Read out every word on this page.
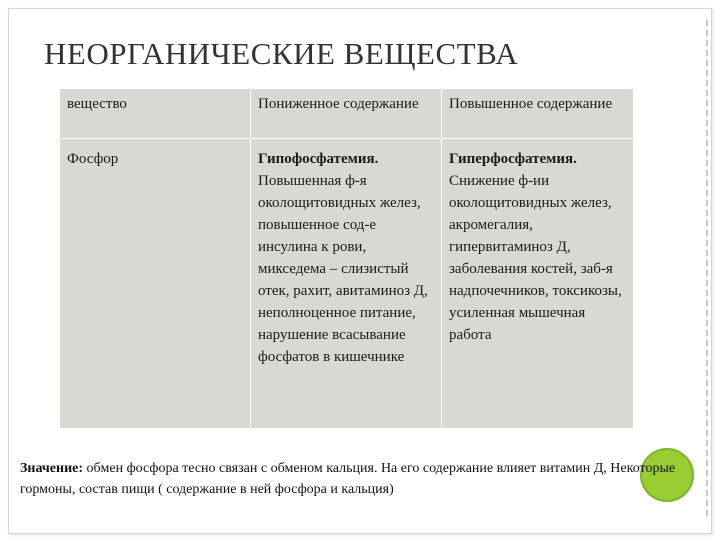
НЕОРГАНИЧЕСКИЕ ВЕЩЕСТВА
вещество	Пониженное содержание	Повышенное содержание
Фосфор	Гипофосфатемия. Повышенная ф-я околощитовидных желез, повышенное сод-е инсулина к рови, микседема – слизистый отек, рахит, авитаминоз Д, неполноценное питание, нарушение всасывание фосфатов в кишечнике	Гиперфосфатемия. Снижение ф-ии околощитовидных желез, акромегалия, гипервитаминоз Д, заболевания костей, заб-я надпочечников, токсикозы, усиленная мышечная работа
Значение: обмен фосфора тесно связан с обменом кальция. На его содержание влияет витамин Д, Некоторые гормоны, состав пищи ( содержание в ней фосфора и кальция)
